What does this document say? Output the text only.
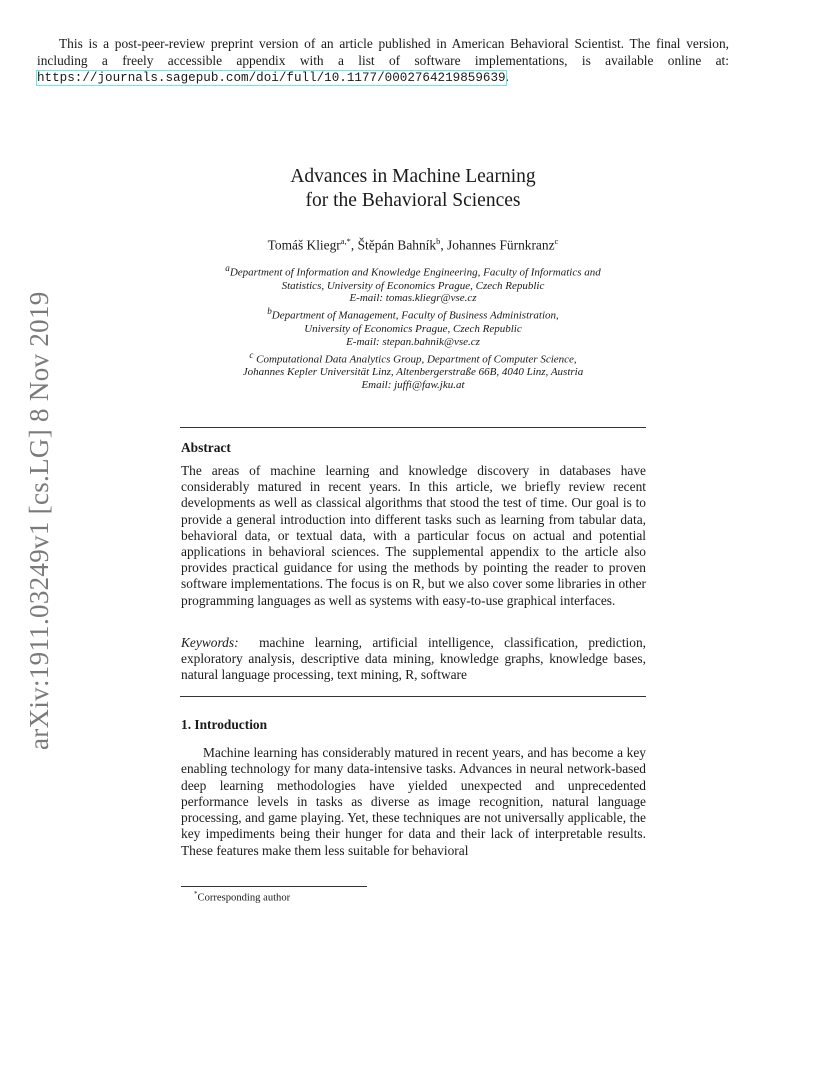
This is a post-peer-review preprint version of an article published in American Behavioral Scientist. The final version, including a freely accessible appendix with a list of software implementations, is available online at: https://journals.sagepub.com/doi/full/10.1177/0002764219859639.
arXiv:1911.03249v1 [cs.LG] 8 Nov 2019
Advances in Machine Learning
for the Behavioral Sciences
Tomáš Kliegr$^{a,*}$, Štěpán Bahník$^b$, Johannes Fürnkranz$^c$
$^a$Department of Information and Knowledge Engineering, Faculty of Informatics and
Statistics, University of Economics Prague, Czech Republic
E-mail: tomas.kliegr@vse.cz
$^b$Department of Management, Faculty of Business Administration,
University of Economics Prague, Czech Republic
E-mail: stepan.bahnik@vse.cz
$^c$ Computational Data Analytics Group, Department of Computer Science,
Johannes Kepler Universität Linz, Altenbergerstraße 66B, 4040 Linz, Austria
Email: juffi@faw.jku.at
Abstract
The areas of machine learning and knowledge discovery in databases have considerably matured in recent years. In this article, we briefly review recent developments as well as classical algorithms that stood the test of time. Our goal is to provide a general introduction into different tasks such as learning from tabular data, behavioral data, or textual data, with a particular focus on actual and potential applications in behavioral sciences. The supplemental appendix to the article also provides practical guidance for using the methods by pointing the reader to proven software implementations. The focus is on R, but we also cover some libraries in other programming languages as well as systems with easy-to-use graphical interfaces.
Keywords: machine learning, artificial intelligence, classification, prediction, exploratory analysis, descriptive data mining, knowledge graphs, knowledge bases, natural language processing, text mining, R, software
1. Introduction
Machine learning has considerably matured in recent years, and has become a key enabling technology for many data-intensive tasks. Advances in neural network-based deep learning methodologies have yielded unexpected and unprecedented performance levels in tasks as diverse as image recognition, natural language processing, and game playing. Yet, these techniques are not universally applicable, the key impediments being their hunger for data and their lack of interpretable results. These features make them less suitable for behavioral
*Corresponding author
